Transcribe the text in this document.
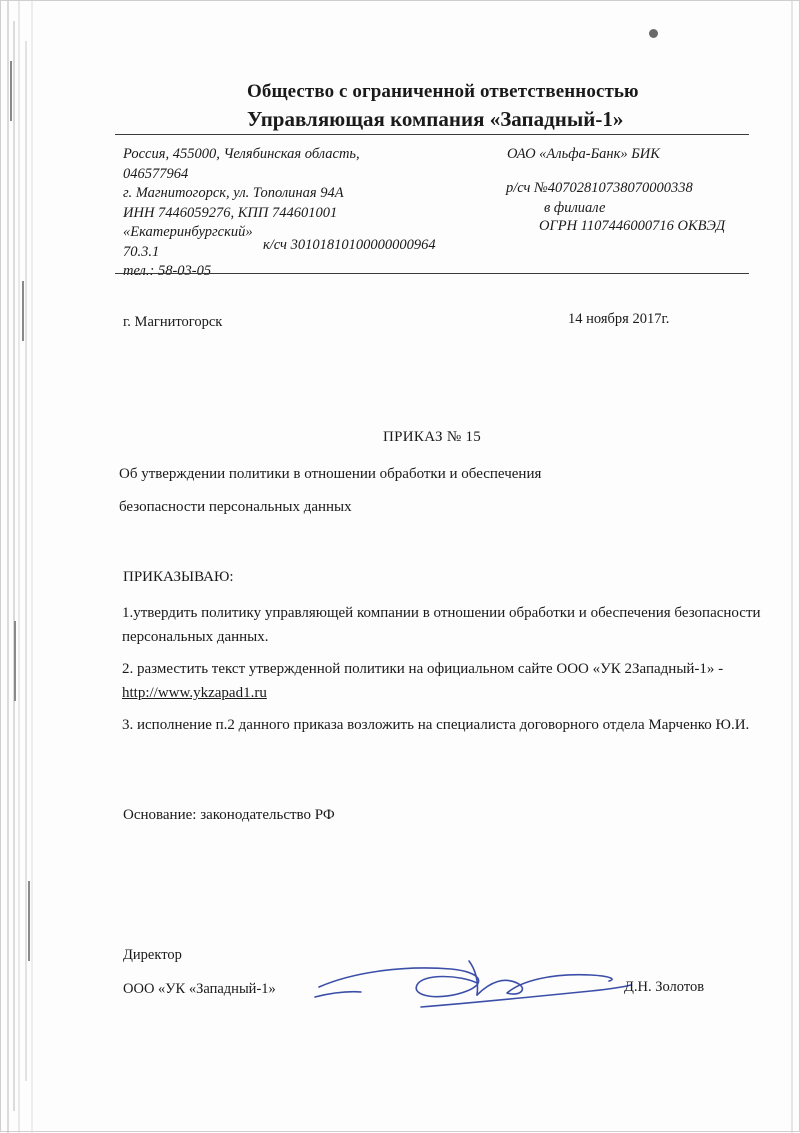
Общество с ограниченной ответственностью
Управляющая компания «Западный-1»
Россия, 455000, Челябинская область,
046577964
г. Магнитогорск, ул. Тополиная 94А
ИНН 7446059276, КПП 744601001
«Екатеринбургский»
70.3.1
тел.: 58-03-05
к/сч 30101810100000000964
ОАО «Альфа-Банк» БИК
р/сч №40702810738070000338
в филиале
ОГРН 1107446000716 ОКВЭД
г. Магнитогорск	14 ноября 2017г.
ПРИКАЗ № 15
Об утверждении политики в отношении обработки и обеспечения
безопасности персональных данных
ПРИКАЗЫВАЮ:
1.утвердить политику управляющей компании в отношении обработки и обеспечения безопасности персональных данных.
2. разместить текст утвержденной политики на официальном сайте ООО «УК 2Западный-1» - http://www.ykzapad1.ru
3. исполнение п.2 данного приказа возложить на специалиста договорного отдела Марченко Ю.И.
Основание: законодательство РФ
Директор
ООО «УК «Западный-1»	Д.Н. Золотов
